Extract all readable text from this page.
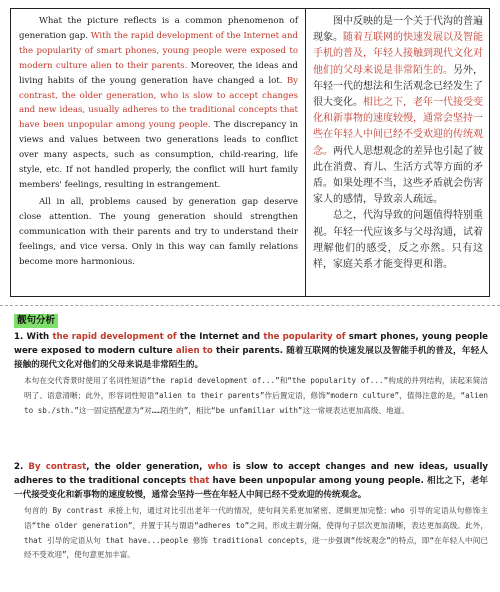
What the picture reflects is a common phenomenon of generation gap. With the rapid development of the Internet and the popularity of smart phones, young people were exposed to modern culture alien to their parents. Moreover, the ideas and living habits of the young generation have changed a lot. By contrast, the older generation, who is slow to accept changes and new ideas, usually adheres to the traditional concepts that have been unpopular among young people. The discrepancy in views and values between two generations leads to conflict over many aspects, such as consumption, child-rearing, life style, etc. If not handled properly, the conflict will hurt family members' feelings, resulting in estrangement.

All in all, problems caused by generation gap deserve close attention. The young generation should strengthen communication with their parents and try to understand their feelings, and vice versa. Only in this way can family relations become more harmonious.

图中反映的是一个关于代沟的普遍现象。随着互联网的快速发展以及智能手机的普及，年轻人接触到现代文化对他们的父母来说是非常陌生的。另外，年轻一代的想法和生活观念已经发生了很大变化。相比之下，老年一代接受变化和新事物的速度较慢，通常会坚持一些在年轻人中间已经不受欢迎的传统观念。两代人思想观念的差异也引起了彼此在消费、育儿、生活方式等方面的矛盾。如果处理不当，这些矛盾就会伤害家人的感情，导致亲人疏远。

总之，代沟导致的问题值得特别重视。年轻一代应该多与父母沟通，试着理解他们的感受，反之亦然。只有这样，家庭关系才能变得更和谐。

靓句分析

1. With the rapid development of the Internet and the popularity of smart phones, young people were exposed to modern culture alien to their parents. 随着互联网的快速发展以及智能手机的普及，年轻人接触的现代文化对他们的父母来说是非常陌生的。

本句在交代背景时使用了名词性短语“the rapid development of...”和“the popularity of...”构成的并列结构，读起来简洁明了、语意清晰；此外，形容词性短语“alien to their parents”作后置定语，修饰“modern culture”，值得注意的是，“alien to sb./sth.”这一固定搭配意为“对……陌生的”，相比“be unfamiliar with”这一常规表达更加高级、地道。

2. By contrast, the older generation, who is slow to accept changes and new ideas, usually adheres to the traditional concepts that have been unpopular among young people. 相比之下，老年一代接受变化和新事物的速度较慢，通常会坚持一些在年轻人中间已经不受欢迎的传统观念。

句首的 By contrast 承接上句，通过对比引出老年一代的情况，使句间关系更加紧密、逻辑更加完整；who 引导的定语从句修饰主语“the older generation”，并置于其与谓语“adheres to”之间，形成主谓分隔，使得句子层次更加清晰，表达更加高级。此外，that 引导的定语从句 that have...people 修饰 traditional concepts，进一步强调“传统观念”的特点，即“在年轻人中间已经不受欢迎”，使句意更加丰富。
